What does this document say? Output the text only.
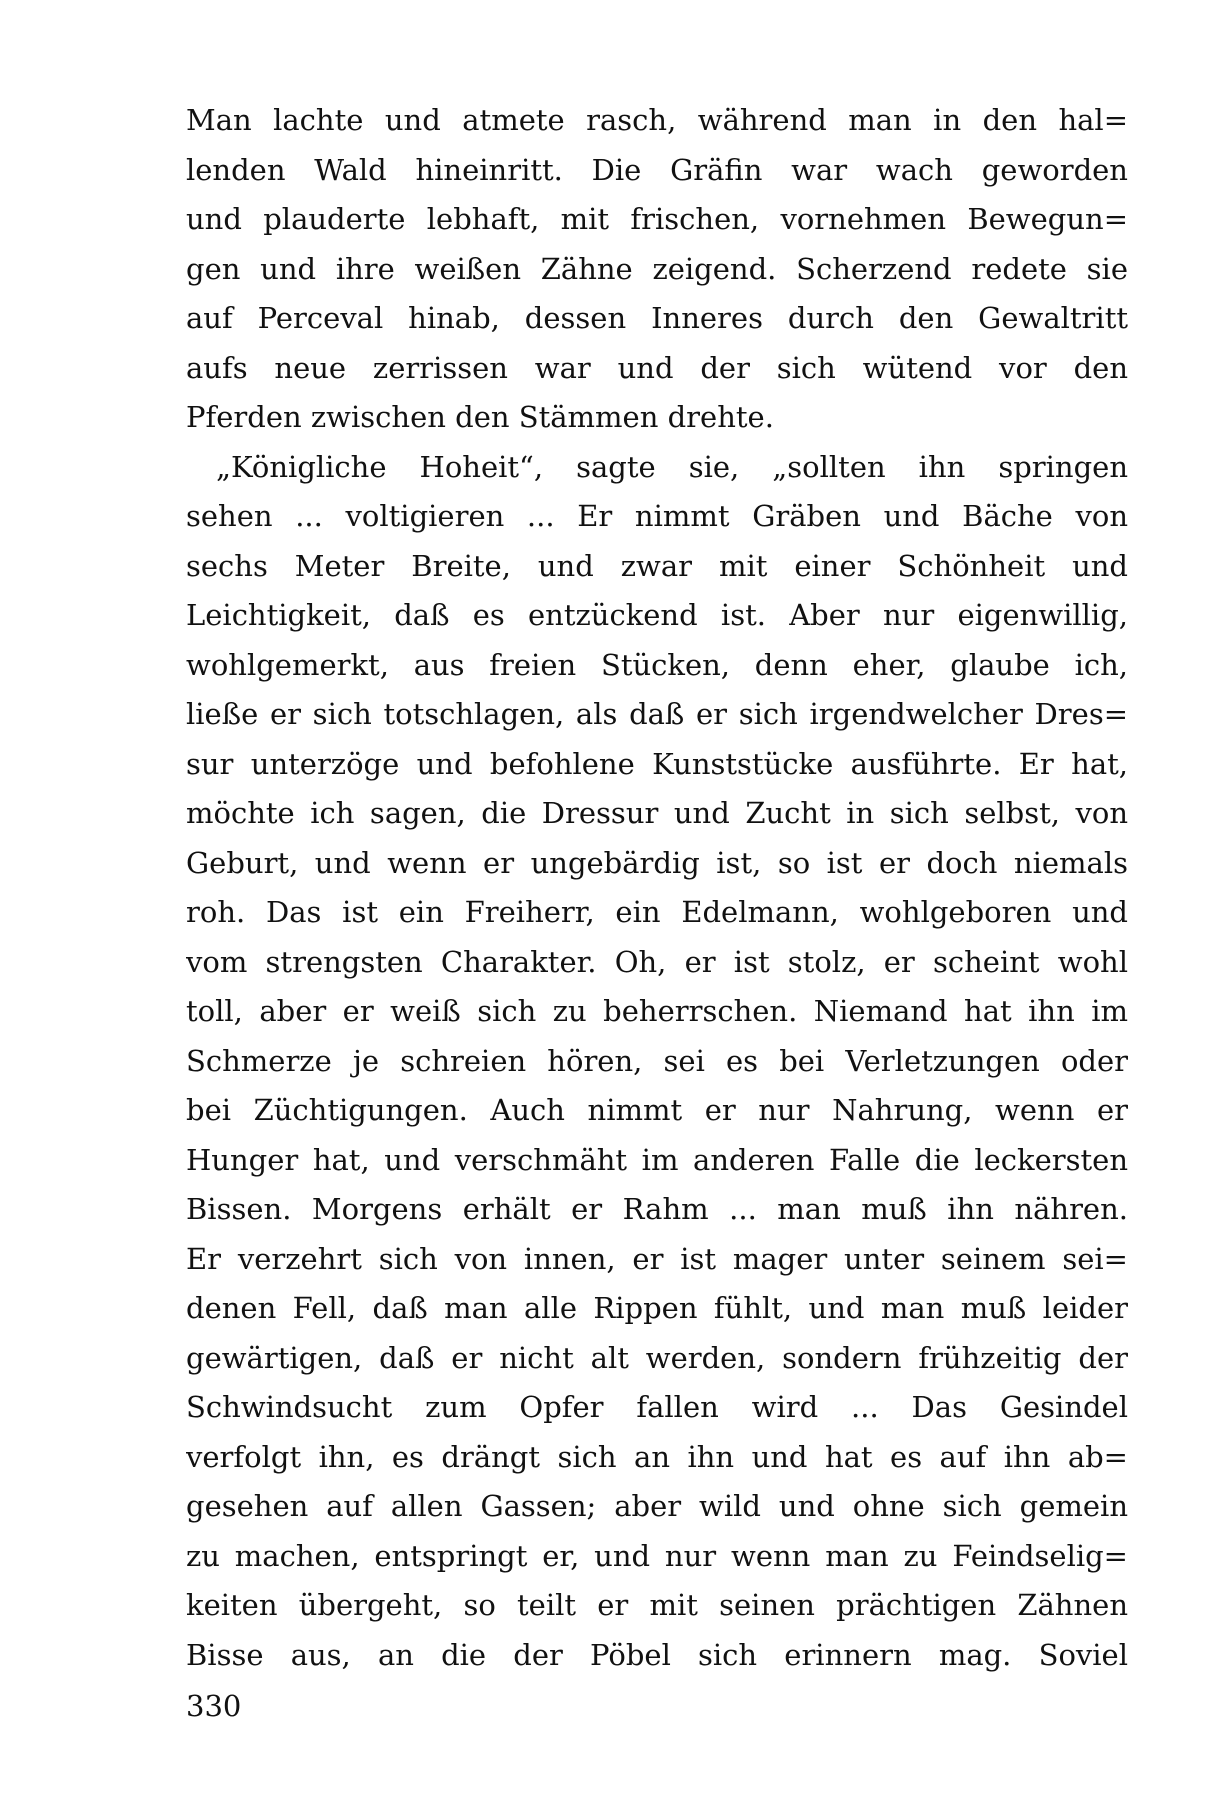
Man lachte und atmete rasch, während man in den hal=
lenden Wald hineinritt. Die Gräfin war wach geworden
und plauderte lebhaft, mit frischen, vornehmen Bewegun=
gen und ihre weißen Zähne zeigend. Scherzend redete sie
auf Perceval hinab, dessen Inneres durch den Gewaltritt
aufs neue zerrissen war und der sich wütend vor den
Pferden zwischen den Stämmen drehte.
„Königliche Hoheit“, sagte sie, „sollten ihn springen
sehen ... voltigieren ... Er nimmt Gräben und Bäche von
sechs Meter Breite, und zwar mit einer Schönheit und
Leichtigkeit, daß es entzückend ist. Aber nur eigenwillig,
wohlgemerkt, aus freien Stücken, denn eher, glaube ich,
ließe er sich totschlagen, als daß er sich irgendwelcher Dres=
sur unterzöge und befohlene Kunststücke ausführte. Er hat,
möchte ich sagen, die Dressur und Zucht in sich selbst, von
Geburt, und wenn er ungebärdig ist, so ist er doch niemals
roh. Das ist ein Freiherr, ein Edelmann, wohlgeboren und
vom strengsten Charakter. Oh, er ist stolz, er scheint wohl
toll, aber er weiß sich zu beherrschen. Niemand hat ihn im
Schmerze je schreien hören, sei es bei Verletzungen oder
bei Züchtigungen. Auch nimmt er nur Nahrung, wenn er
Hunger hat, und verschmäht im anderen Falle die leckersten
Bissen. Morgens erhält er Rahm ... man muß ihn nähren.
Er verzehrt sich von innen, er ist mager unter seinem sei=
denen Fell, daß man alle Rippen fühlt, und man muß leider
gewärtigen, daß er nicht alt werden, sondern frühzeitig der
Schwindsucht zum Opfer fallen wird ... Das Gesindel
verfolgt ihn, es drängt sich an ihn und hat es auf ihn ab=
gesehen auf allen Gassen; aber wild und ohne sich gemein
zu machen, entspringt er, und nur wenn man zu Feindselig=
keiten übergeht, so teilt er mit seinen prächtigen Zähnen
Bisse aus, an die der Pöbel sich erinnern mag. Soviel
330
